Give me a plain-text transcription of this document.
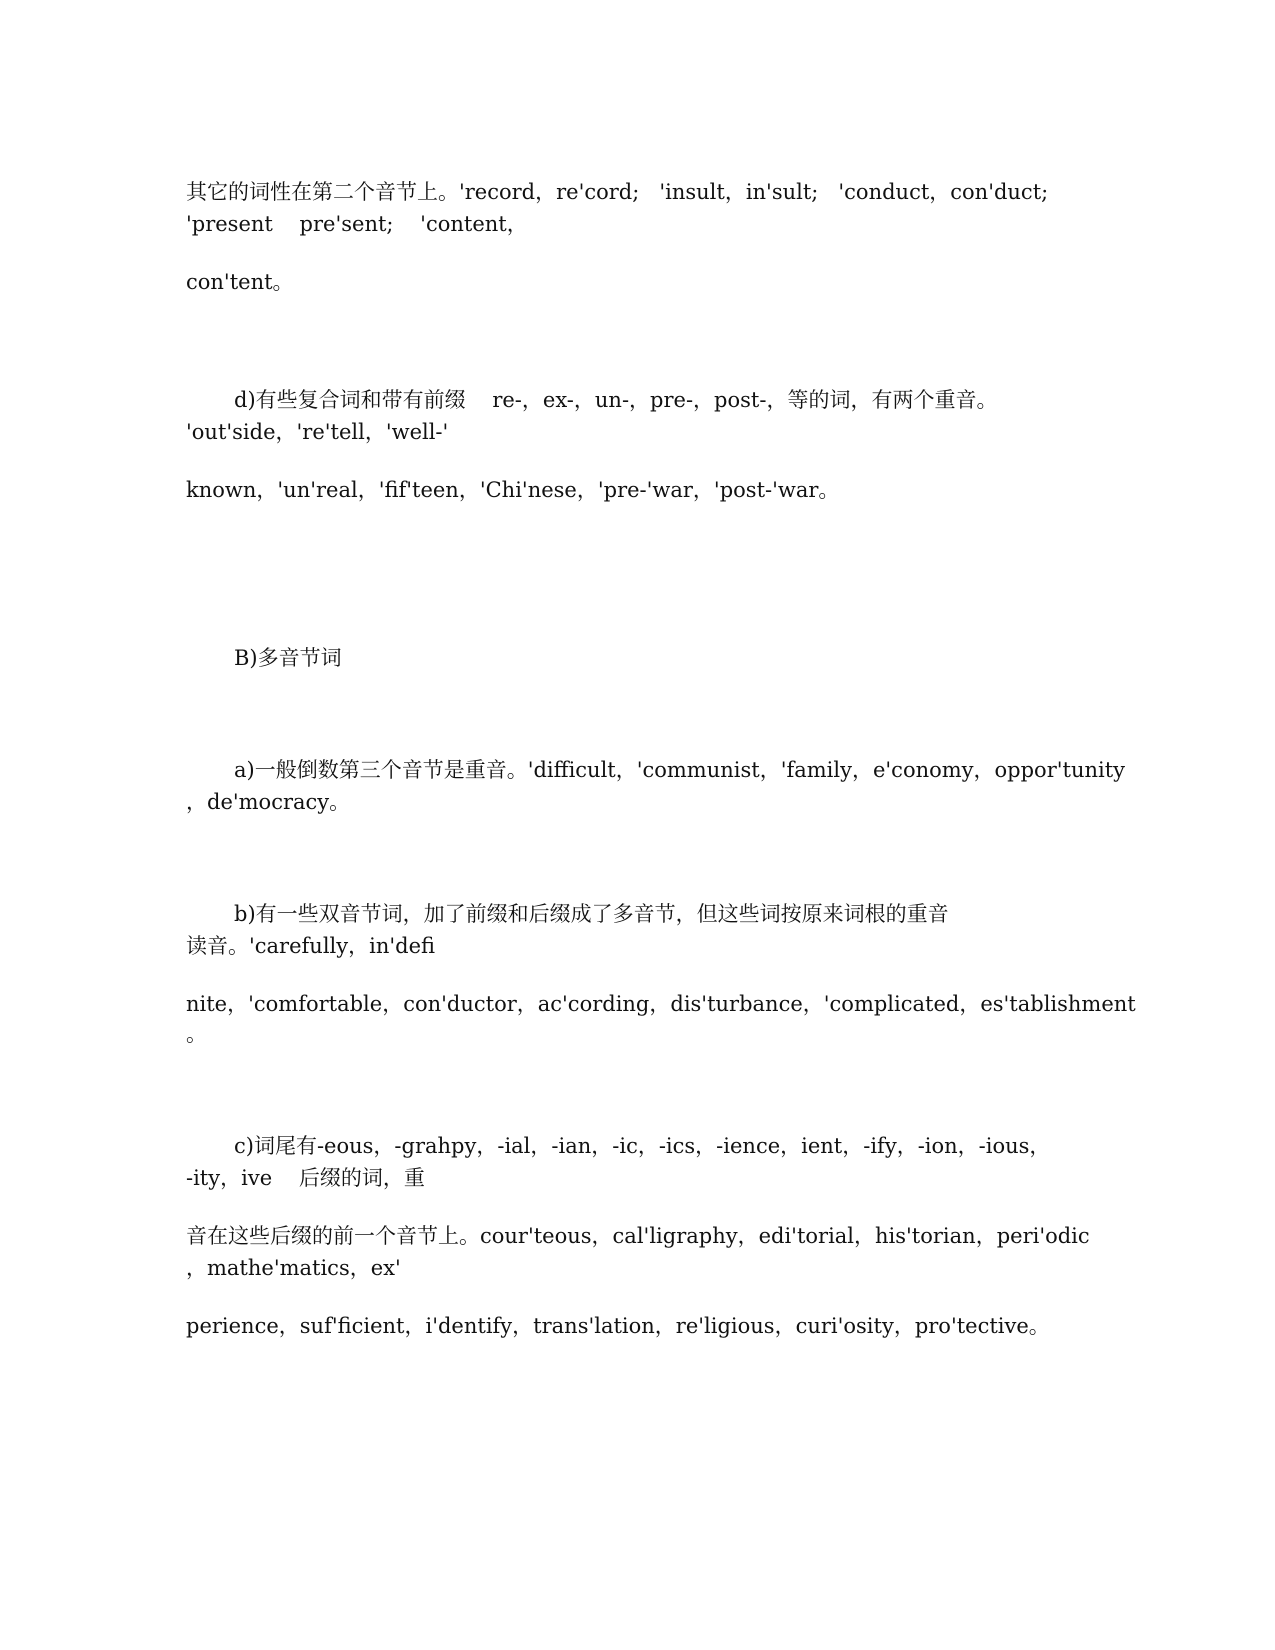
其它的词性在第二个音节上。'record，re'cord;   'insult，in'sult;   'conduct，con'duct;

'present    pre'sent;    'content，

con'tent。

d)有些复合词和带有前缀    re-，ex-，un-，pre-，post-，等的词，有两个重音。

'out'side，'re'tell，'well-'

known，'un'real，'fif'teen，'Chi'nese，'pre-'war，'post-'war。

B)多音节词

a)一般倒数第三个音节是重音。'difficult，'communist，'family，e'conomy，oppor'tunity

，de'mocracy。

b)有一些双音节词，加了前缀和后缀成了多音节，但这些词按原来词根的重音

读音。'carefully，in'defi

nite，'comfortable，con'ductor，ac'cording，dis'turbance，'complicated，es'tablishment

。

c)词尾有-eous，-grahpy，-ial，-ian，-ic，-ics，-ience，ient，-ify，-ion，-ious，

-ity，ive    后缀的词，重

音在这些后缀的前一个音节上。cour'teous，cal'ligraphy，edi'torial，his'torian，peri'odic

，mathe'matics，ex'

perience，suf'ficient，i'dentify，trans'lation，re'ligious，curi'osity，pro'tective。
